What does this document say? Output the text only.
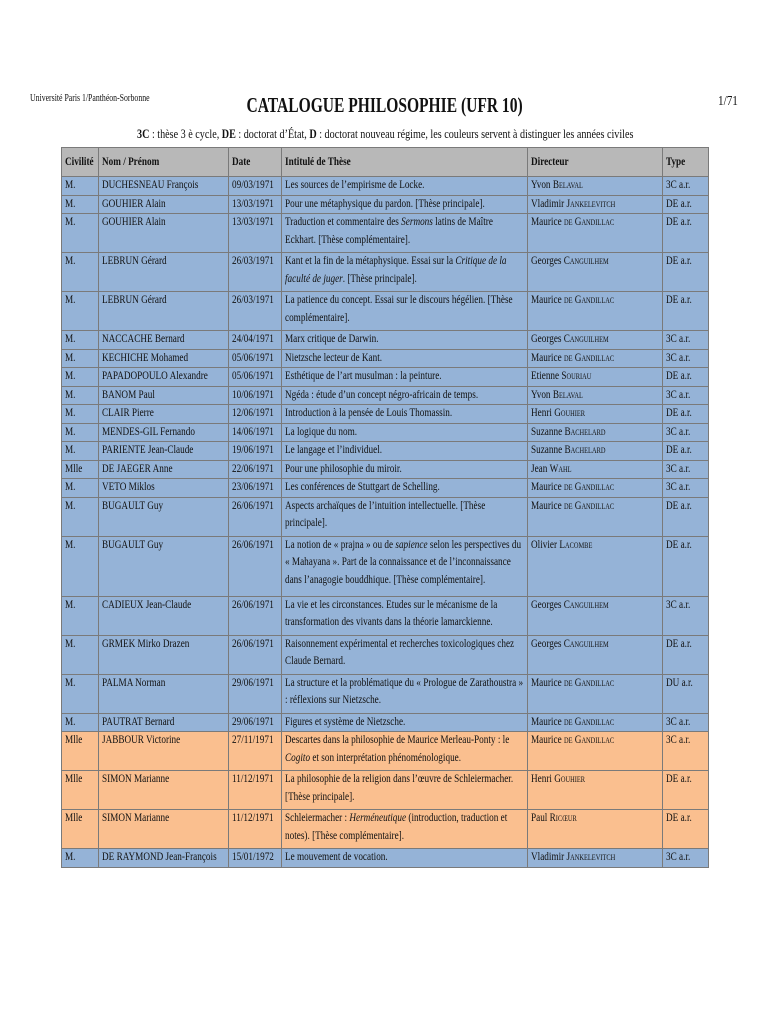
Université Paris 1/Panthéon-Sorbonne	CATALOGUE PHILOSOPHIE (UFR 10)	1/71
3C : thèse 3 è cycle, DE : doctorat d’État, D : doctorat nouveau régime, les couleurs servent à distinguer les années civiles
Civilité	Nom / Prénom	Date	Intitulé de Thèse	Directeur	Type

M.	DUCHESNEAU François	09/03/1971	Les sources de l’empirisme de Locke.	Yvon Belaval	3C a.r.

M.	GOUHIER Alain	13/03/1971	Pour une métaphysique du pardon. [Thèse principale].	Vladimir Jankelevitch	DE a.r.

M.	GOUHIER Alain	13/03/1971	Traduction et commentaire des Sermons latins de Maître Eckhart. [Thèse complémentaire].	Maurice de Gandillac	DE a.r.

M.	LEBRUN Gérard	26/03/1971	Kant et la fin de la métaphysique. Essai sur la Critique de la faculté de juger. [Thèse principale].	Georges Canguilhem	DE a.r.

M.	LEBRUN Gérard	26/03/1971	La patience du concept. Essai sur le discours hégélien. [Thèse complémentaire].	Maurice de Gandillac	DE a.r.

M.	NACCACHE Bernard	24/04/1971	Marx critique de Darwin.	Georges Canguilhem	3C a.r.

M.	KECHICHE Mohamed	05/06/1971	Nietzsche lecteur de Kant.	Maurice de Gandillac	3C a.r.

M.	PAPADOPOULO Alexandre	05/06/1971	Esthétique de l’art musulman : la peinture.	Etienne Souriau	DE a.r.

M.	BANOM Paul	10/06/1971	Ngéda : étude d’un concept négro-africain de temps.	Yvon Belaval	3C a.r.

M.	CLAIR Pierre	12/06/1971	Introduction à la pensée de Louis Thomassin.	Henri Gouhier	DE a.r.

M.	MENDES-GIL Fernando	14/06/1971	La logique du nom.	Suzanne Bachelard	3C a.r.

M.	PARIENTE Jean-Claude	19/06/1971	Le langage et l’individuel.	Suzanne Bachelard	DE a.r.

Mlle	DE JAEGER Anne	22/06/1971	Pour une philosophie du miroir.	Jean Wahl	3C a.r.

M.	VETO Miklos	23/06/1971	Les conférences de Stuttgart de Schelling.	Maurice de Gandillac	3C a.r.

M.	BUGAULT Guy	26/06/1971	Aspects archaïques de l’intuition intellectuelle. [Thèse principale].	Maurice de Gandillac	DE a.r.

M.	BUGAULT Guy	26/06/1971	La notion de « prajna » ou de sapience selon les perspectives du « Mahayana ». Part de la connaissance et de l’inconnaissance dans l’anagogie bouddhique. [Thèse complémentaire].	Olivier Lacombe	DE a.r.

M.	CADIEUX Jean-Claude	26/06/1971	La vie et les circonstances. Etudes sur le mécanisme de la transformation des vivants dans la théorie lamarckienne.	Georges Canguilhem	3C a.r.

M.	GRMEK Mirko Drazen	26/06/1971	Raisonnement expérimental et recherches toxicologiques chez Claude Bernard.	Georges Canguilhem	DE a.r.

M.	PALMA Norman	29/06/1971	La structure et la problématique du « Prologue de Zarathoustra » : réflexions sur Nietzsche.	Maurice de Gandillac	DU a.r.

M.	PAUTRAT Bernard	29/06/1971	Figures et système de Nietzsche.	Maurice de Gandillac	3C a.r.

Mlle	JABBOUR Victorine	27/11/1971	Descartes dans la philosophie de Maurice Merleau-Ponty : le Cogito et son interprétation phénoménologique.	Maurice de Gandillac	3C a.r.

Mlle	SIMON Marianne	11/12/1971	La philosophie de la religion dans l’œuvre de Schleiermacher. [Thèse principale].	Henri Gouhier	DE a.r.

Mlle	SIMON Marianne	11/12/1971	Schleiermacher : Herméneutique (introduction, traduction et notes). [Thèse complémentaire].	Paul Ricœur	DE a.r.

M.	DE RAYMOND Jean-François	15/01/1972	Le mouvement de vocation.	Vladimir Jankelevitch	3C a.r.
